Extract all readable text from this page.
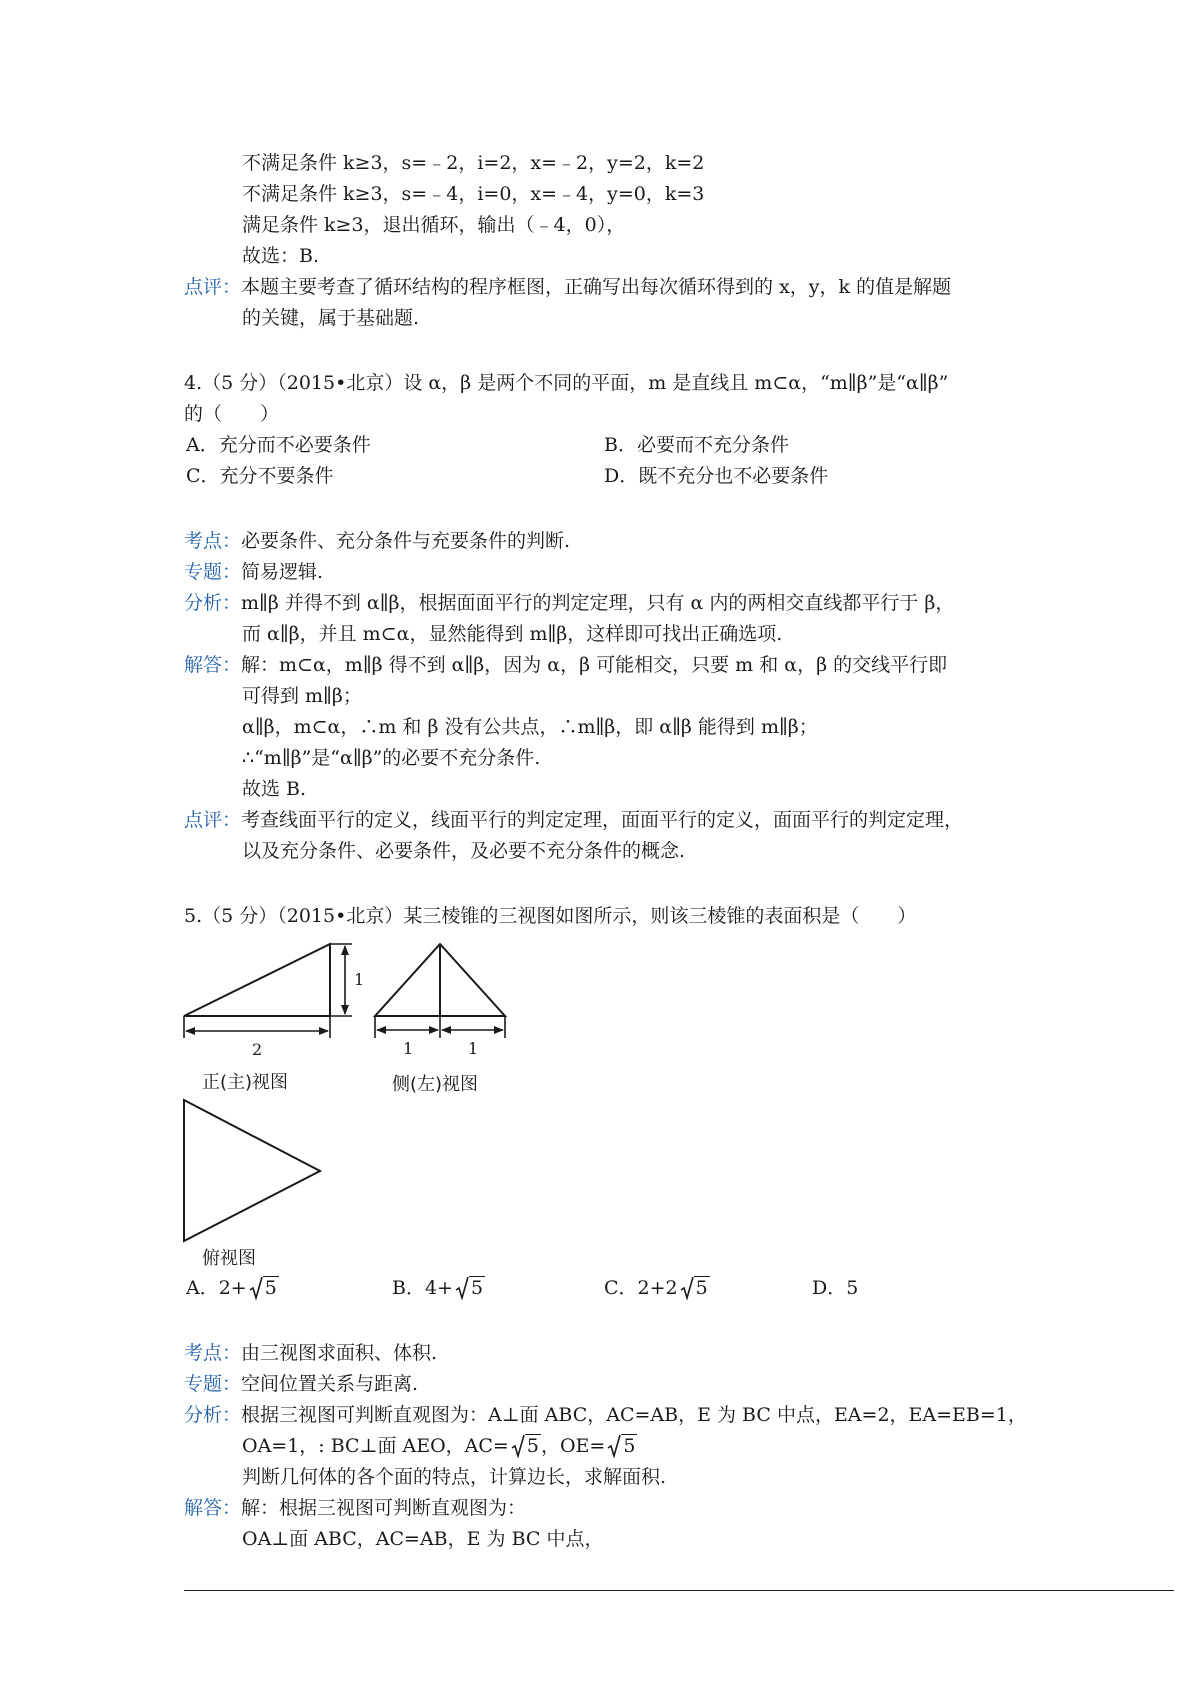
不满足条件 k≥3，s=﹣2，i=2，x=﹣2，y=2，k=2
不满足条件 k≥3，s=﹣4，i=0，x=﹣4，y=0，k=3
满足条件 k≥3，退出循环，输出（﹣4，0），
故选：B.
点评：本题主要考查了循环结构的程序框图，正确写出每次循环得到的 x，y，k 的值是解题
的关键，属于基础题.
4.（5 分）（2015•北京）设 α，β 是两个不同的平面，m 是直线且 m⊂α，“m∥β”是“α∥β”
的（　　）
A．充分而不必要条件	B．必要而不充分条件
C．充分不要条件	D．既不充分也不必要条件
考点：必要条件、充分条件与充要条件的判断.
专题：简易逻辑.
分析：m∥β 并得不到 α∥β，根据面面平行的判定定理，只有 α 内的两相交直线都平行于 β，
而 α∥β，并且 m⊂α，显然能得到 m∥β，这样即可找出正确选项.
解答：解：m⊂α，m∥β 得不到 α∥β，因为 α，β 可能相交，只要 m 和 α，β 的交线平行即
可得到 m∥β；
α∥β，m⊂α，∴m 和 β 没有公共点，∴m∥β，即 α∥β 能得到 m∥β；
∴“m∥β”是“α∥β”的必要不充分条件.
故选 B.
点评：考查线面平行的定义，线面平行的判定定理，面面平行的定义，面面平行的判定定理，
以及充分条件、必要条件，及必要不充分条件的概念.
5.（5 分）（2015•北京）某三棱锥的三视图如图所示，则该三棱锥的表面积是（　　）
2
1
正(主)视图
1	1
侧(左)视图
俯视图
A．2+ 5	B．4+ 5	C．2+2 5	D．5
考点：由三视图求面积、体积.
专题：空间位置关系与距离.
分析：根据三视图可判断直观图为：A⊥面 ABC，AC=AB，E 为 BC 中点，EA=2，EA=EB=1，
OA=1，: BC⊥面 AEO，AC= 5 ，OE= 5
判断几何体的各个面的特点，计算边长，求解面积.
解答：解：根据三视图可判断直观图为：
OA⊥面 ABC，AC=AB，E 为 BC 中点，
